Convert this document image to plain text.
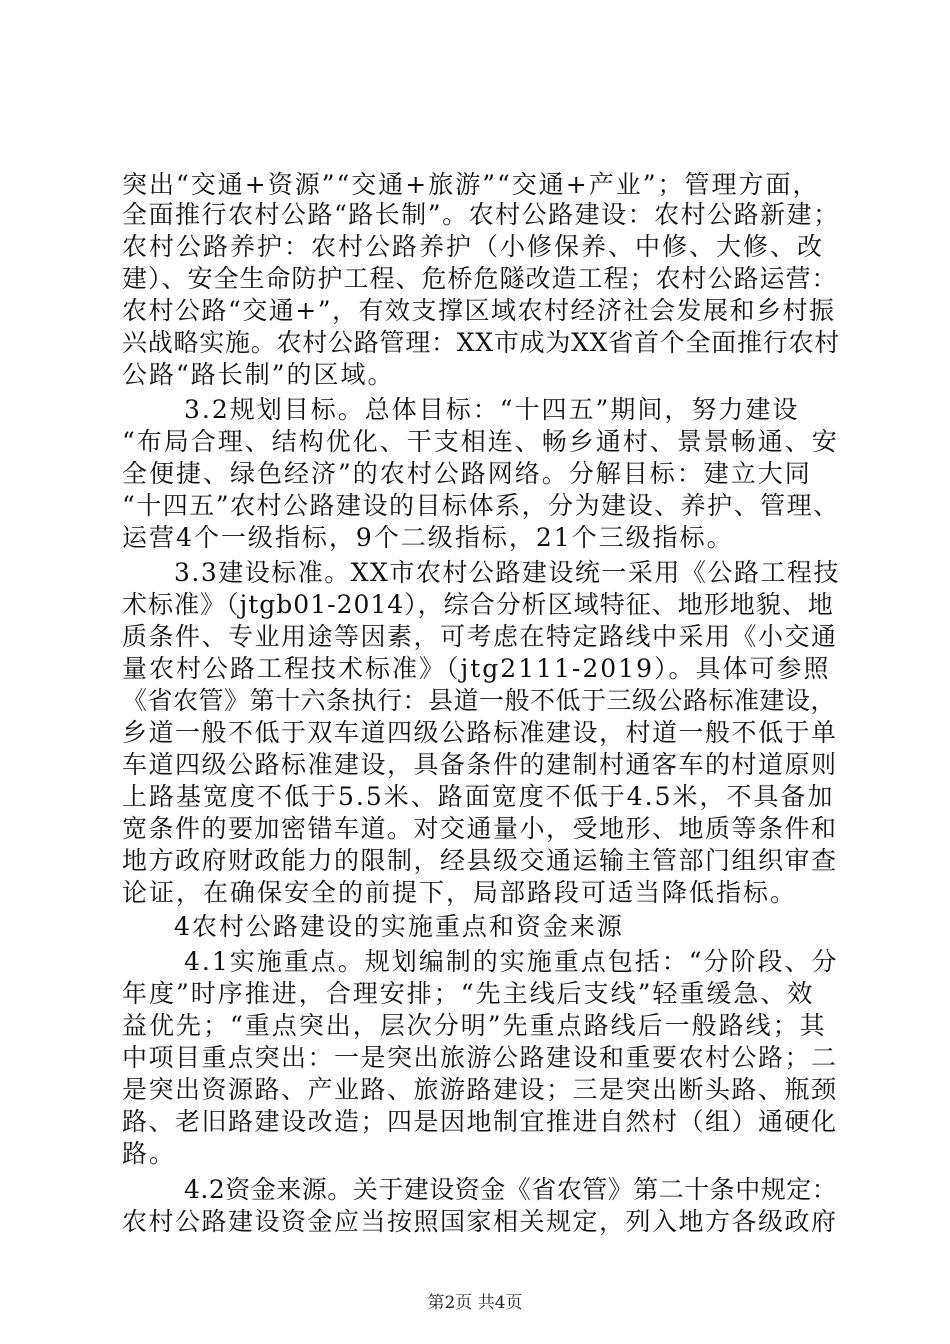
突出“交通+资源”“交通+旅游”“交通+产业”；管理方面，
全面推行农村公路“路长制”。农村公路建设：农村公路新建；
农村公路养护：农村公路养护（小修保养、中修、大修、改
建）、安全生命防护工程、危桥危隧改造工程；农村公路运营：
农村公路“交通+”，有效支撑区域农村经济社会发展和乡村振
兴战略实施。农村公路管理：XX市成为XX省首个全面推行农村
公路“路长制”的区域。
3.2规划目标。总体目标：“十四五”期间，努力建设
“布局合理、结构优化、干支相连、畅乡通村、景景畅通、安
全便捷、绿色经济”的农村公路网络。分解目标：建立大同
“十四五”农村公路建设的目标体系，分为建设、养护、管理、
运营4个一级指标，9个二级指标，21个三级指标。
3.3建设标准。XX市农村公路建设统一采用《公路工程技
术标准》（jtgb01-2014），综合分析区域特征、地形地貌、地
质条件、专业用途等因素，可考虑在特定路线中采用《小交通
量农村公路工程技术标准》（jtg2111-2019）。具体可参照
《省农管》第十六条执行：县道一般不低于三级公路标准建设，
乡道一般不低于双车道四级公路标准建设，村道一般不低于单
车道四级公路标准建设，具备条件的建制村通客车的村道原则
上路基宽度不低于5.5米、路面宽度不低于4.5米，不具备加
宽条件的要加密错车道。对交通量小，受地形、地质等条件和
地方政府财政能力的限制，经县级交通运输主管部门组织审查
论证，在确保安全的前提下，局部路段可适当降低指标。
4农村公路建设的实施重点和资金来源
4.1实施重点。规划编制的实施重点包括：“分阶段、分
年度”时序推进，合理安排；“先主线后支线”轻重缓急、效
益优先；“重点突出，层次分明”先重点路线后一般路线；其
中项目重点突出：一是突出旅游公路建设和重要农村公路；二
是突出资源路、产业路、旅游路建设；三是突出断头路、瓶颈
路、老旧路建设改造；四是因地制宜推进自然村（组）通硬化
路。
4.2资金来源。关于建设资金《省农管》第二十条中规定：
农村公路建设资金应当按照国家相关规定，列入地方各级政府
第2页 共4页
